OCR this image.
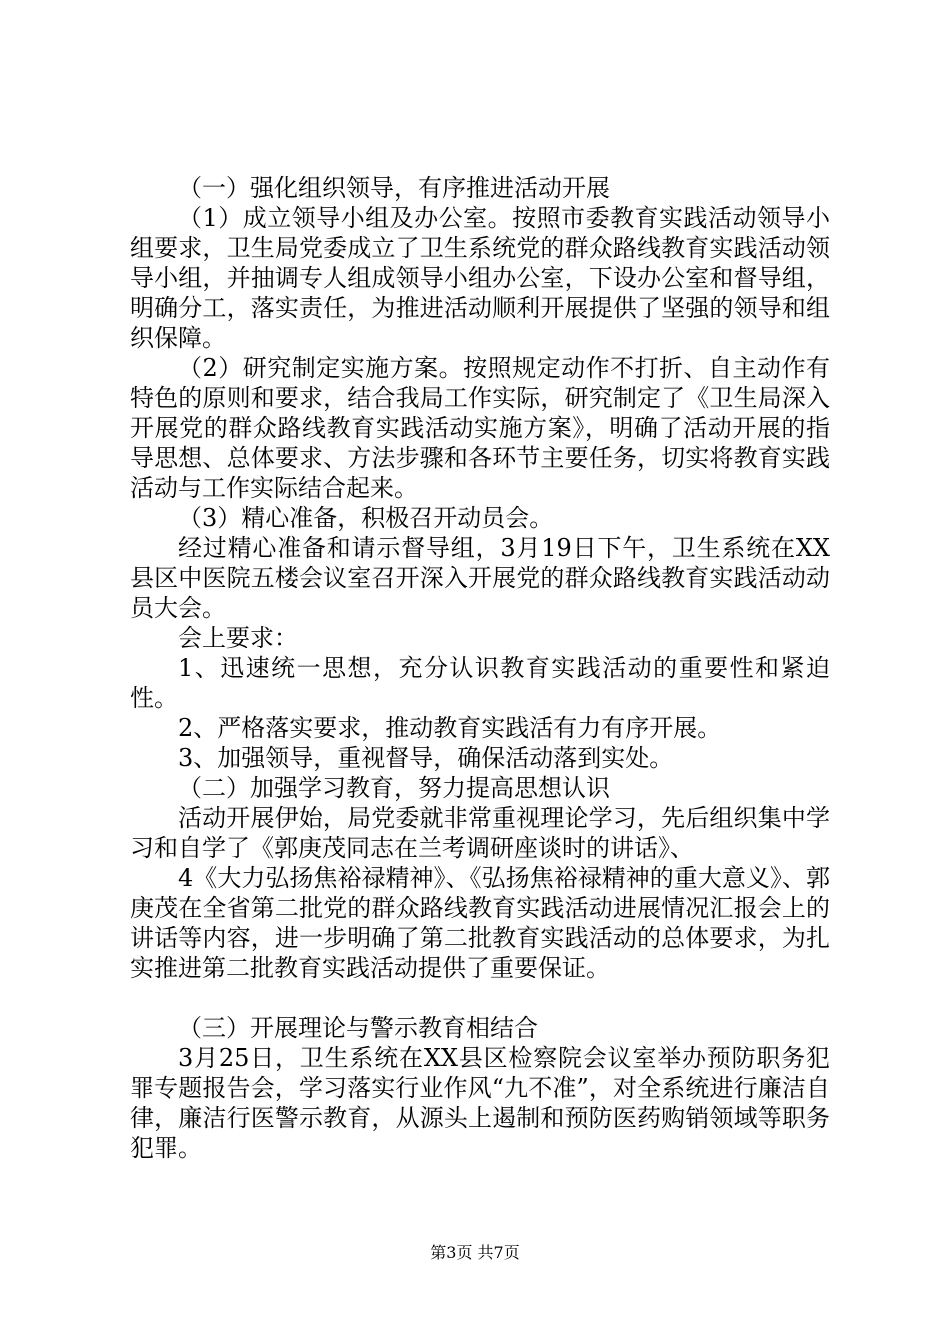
（一）强化组织领导，有序推进活动开展

（1）成立领导小组及办公室。按照市委教育实践活动领导小组要求，卫生局党委成立了卫生系统党的群众路线教育实践活动领导小组，并抽调专人组成领导小组办公室，下设办公室和督导组，明确分工，落实责任，为推进活动顺利开展提供了坚强的领导和组织保障。

（2）研究制定实施方案。按照规定动作不打折、自主动作有特色的原则和要求，结合我局工作实际，研究制定了《卫生局深入开展党的群众路线教育实践活动实施方案》，明确了活动开展的指导思想、总体要求、方法步骤和各环节主要任务，切实将教育实践活动与工作实际结合起来。

（3）精心准备，积极召开动员会。

经过精心准备和请示督导组，3月19日下午，卫生系统在XX县区中医院五楼会议室召开深入开展党的群众路线教育实践活动动员大会。

会上要求：

1、迅速统一思想，充分认识教育实践活动的重要性和紧迫性。

2、严格落实要求，推动教育实践活有力有序开展。

3、加强领导，重视督导，确保活动落到实处。

（二）加强学习教育，努力提高思想认识

活动开展伊始，局党委就非常重视理论学习，先后组织集中学习和自学了《郭庚茂同志在兰考调研座谈时的讲话》、

4《大力弘扬焦裕禄精神》、《弘扬焦裕禄精神的重大意义》、郭庚茂在全省第二批党的群众路线教育实践活动进展情况汇报会上的讲话等内容，进一步明确了第二批教育实践活动的总体要求，为扎实推进第二批教育实践活动提供了重要保证。

（三）开展理论与警示教育相结合

3月25日，卫生系统在XX县区检察院会议室举办预防职务犯罪专题报告会，学习落实行业作风“九不准”，对全系统进行廉洁自律，廉洁行医警示教育，从源头上遏制和预防医药购销领域等职务犯罪。

第3页 共7页
